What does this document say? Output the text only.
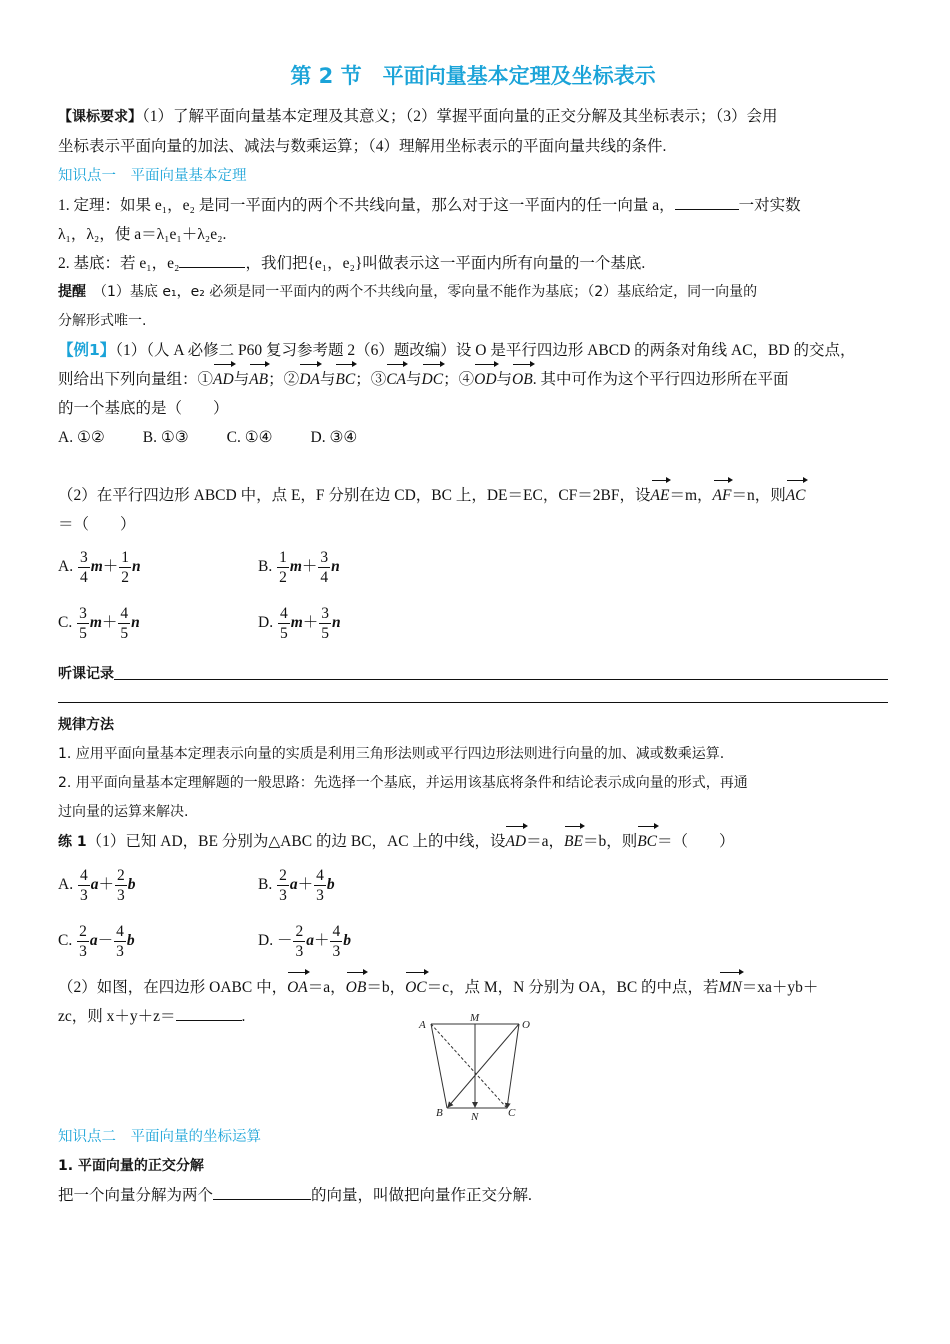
第 2 节　平面向量基本定理及坐标表示

【课标要求】（1）了解平面向量基本定理及其意义；（2）掌握平面向量的正交分解及其坐标表示；（3）会用

坐标表示平面向量的加法、减法与数乘运算；（4）理解用坐标表示的平面向量共线的条件.

知识点一　平面向量基本定理

1. 定理：如果 e₁，e₂ 是同一平面内的两个不共线向量，那么对于这一平面内的任一向量 a，	一对实数

λ₁，λ₂，使 a＝λ₁e₁＋λ₂e₂.

2. 基底：若 e₁，e₂	，我们把{e₁，e₂}叫做表示这一平面内所有向量的一个基底.

提醒　 （1）基底 e₁，e₂ 必须是同一平面内的两个不共线向量，零向量不能作为基底；（2）基底给定，同一向量的

分解形式唯一.

【例1】（1）（人 A 必修二 P60 复习参考题 2（6）题改编）设 O 是平行四边形 ABCD 的两条对角线 AC，BD 的交点，

则给出下列向量组：①AD与AB；②DA与BC；③CA与DC；④OD与OB. 其中可作为这个平行四边形所在平面

的一个基底的是（　　）

A. ①② B. ①③ C. ①④ D. ③④

（2）在平行四边形 ABCD 中，点 E，F 分别在边 CD，BC 上，DE＝EC，CF＝2BF，设AE＝m，AF＝n，则AC

＝（　　）

A. $\frac{3}{4} m+ \frac{1}{2}$ n	B. $\frac{1}{2} m+ \frac{3}{4}$ n
C. $\frac{3}{5} m+ \frac{4}{5}$ n	D. $\frac{4}{5} m+ \frac{3}{5}$ n
听课记录

规律方法

1. 应用平面向量基本定理表示向量的实质是利用三角形法则或平行四边形法则进行向量的加、减或数乘运算.

2. 用平面向量基本定理解题的一般思路：先选择一个基底，并运用该基底将条件和结论表示成向量的形式，再通

过向量的运算来解决.

练 1（1）已知 AD，BE 分别为△ABC 的边 BC，AC 上的中线，设AD＝a，BE＝b，则BC＝（　　）

A. $\frac{4}{3} a+ \frac{2}{3}$ b	B. $\frac{2}{3} a+ \frac{4}{3}$ b
C. $\frac{2}{3} a- \frac{4}{3}$ b	D. － $\frac{2}{3} a+ \frac{4}{3}$ b

（2）如图，在四边形 OABC 中，OA＝a，OB＝b，OC＝c，点 M，N 分别为 OA，BC 的中点，若MN＝xa＋yb＋

zc，则 x＋y＋z＝	.	A
M
O
B	N	C
知识点二　平面向量的坐标运算

1. 平面向量的正交分解

把一个向量分解为两个	的向量，叫做把向量作正交分解.
